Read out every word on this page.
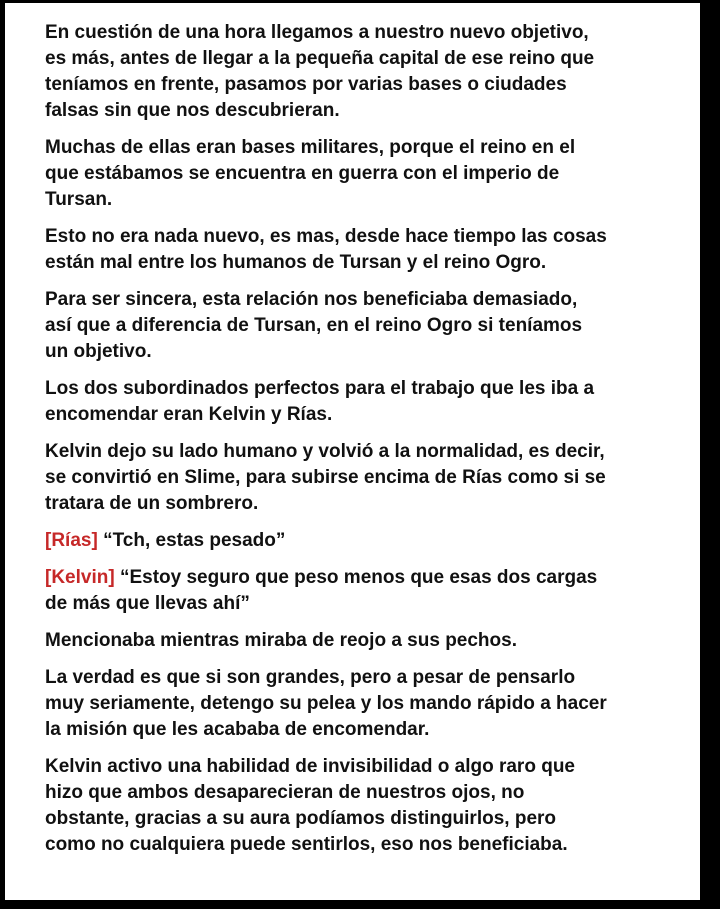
En cuestión de una hora llegamos a nuestro nuevo objetivo,
es más, antes de llegar a la pequeña capital de ese reino que
teníamos en frente, pasamos por varias bases o ciudades
falsas sin que nos descubrieran.

Muchas de ellas eran bases militares, porque el reino en el
que estábamos se encuentra en guerra con el imperio de
Tursan.

Esto no era nada nuevo, es mas, desde hace tiempo las cosas
están mal entre los humanos de Tursan y el reino Ogro.

Para ser sincera, esta relación nos beneficiaba demasiado,
así que a diferencia de Tursan, en el reino Ogro si teníamos
un objetivo.

Los dos subordinados perfectos para el trabajo que les iba a
encomendar eran Kelvin y Rías.

Kelvin dejo su lado humano y volvió a la normalidad, es decir,
se convirtió en Slime, para subirse encima de Rías como si se
tratara de un sombrero.

[Rías] “Tch, estas pesado”

[Kelvin] “Estoy seguro que peso menos que esas dos cargas
de más que llevas ahí”

Mencionaba mientras miraba de reojo a sus pechos.

La verdad es que si son grandes, pero a pesar de pensarlo
muy seriamente, detengo su pelea y los mando rápido a hacer
la misión que les acababa de encomendar.

Kelvin activo una habilidad de invisibilidad o algo raro que
hizo que ambos desaparecieran de nuestros ojos, no
obstante, gracias a su aura podíamos distinguirlos, pero
como no cualquiera puede sentirlos, eso nos beneficiaba.
